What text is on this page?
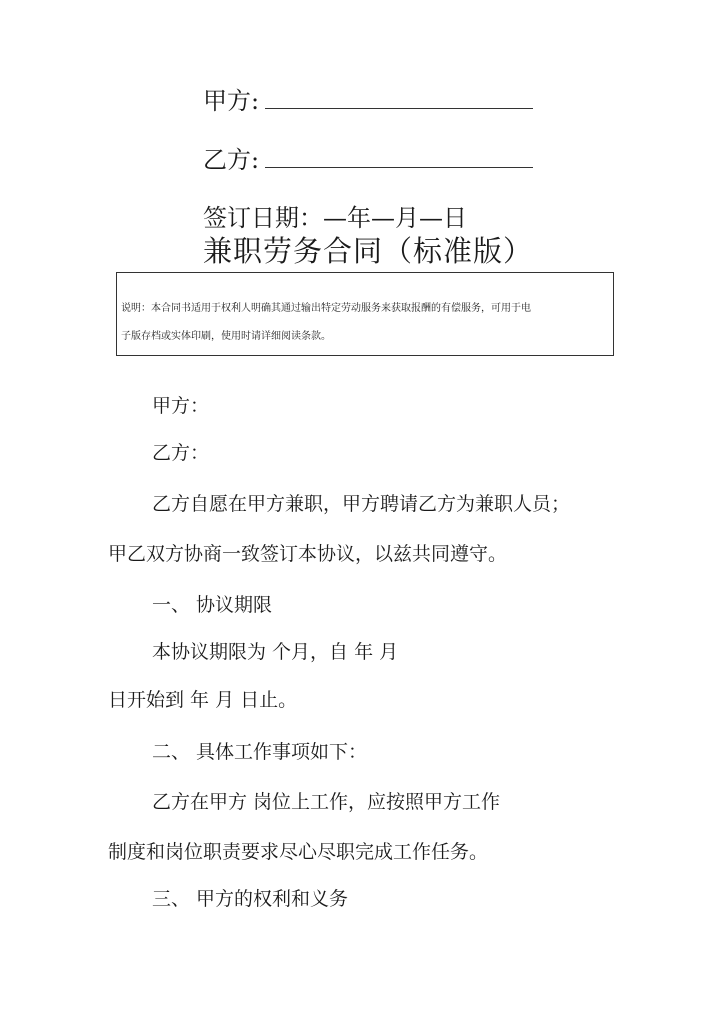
甲方:
乙方:
签订日期：—年—月—日
兼职劳务合同（标准版）

说明：本合同书适用于权利人明确其通过输出特定劳动服务来获取报酬的有偿服务，可用于电

子版存档或实体印刷，使用时请详细阅读条款。

甲方：
乙方：
乙方自愿在甲方兼职，甲方聘请乙方为兼职人员；
甲乙双方协商一致签订本协议，以兹共同遵守。
一、 协议期限
本协议期限为 个月，自 年 月
日开始到 年 月 日止。
二、 具体工作事项如下：
乙方在甲方 岗位上工作，应按照甲方工作
制度和岗位职责要求尽心尽职完成工作任务。
三、 甲方的权利和义务
